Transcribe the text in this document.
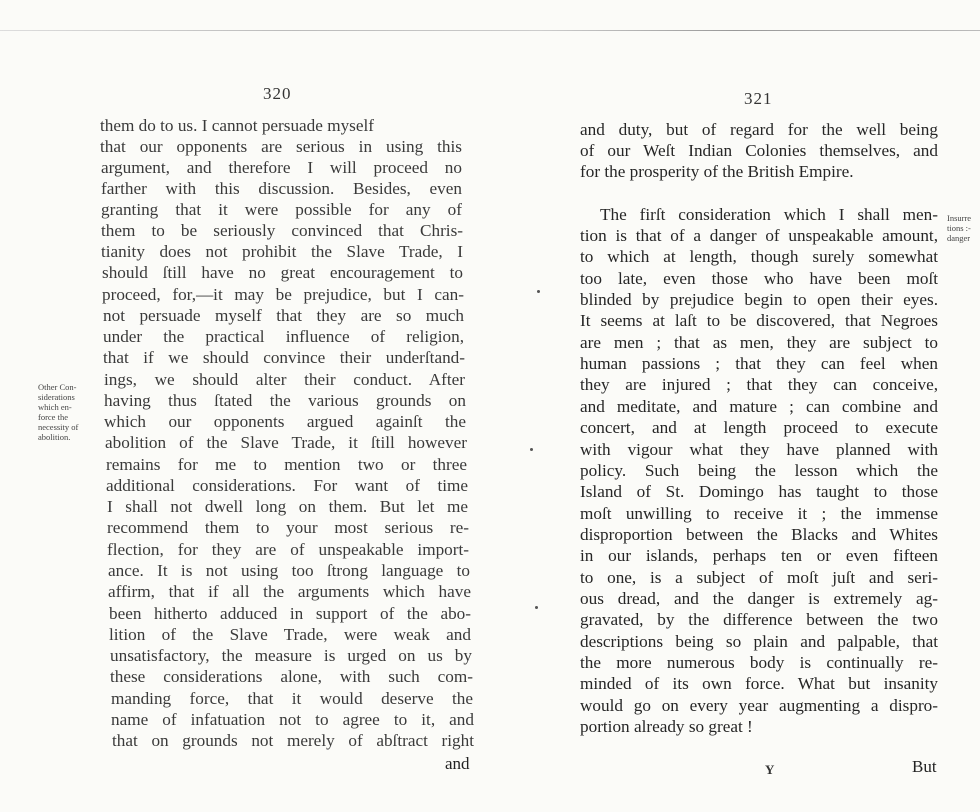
320
them do to us. I cannot persuade myself
that our opponents are serious in using this
argument, and therefore I will proceed no
farther with this discussion. Besides, even
granting that it were possible for any of
them to be seriously convinced that Chris-
tianity does not prohibit the Slave Trade, I
should ſtill have no great encouragement to
proceed, for,—it may be prejudice, but I can-
not persuade myself that they are so much
under the practical influence of religion,
that if we should convince their underſtand-
ings, we should alter their conduct. After
having thus ſtated the various grounds on
which our opponents argued againſt the
abolition of the Slave Trade, it ſtill however
remains for me to mention two or three
additional considerations. For want of time
I shall not dwell long on them. But let me
recommend them to your most serious re-
flection, for they are of unspeakable import-
ance. It is not using too ſtrong language to
affirm, that if all the arguments which have
been hitherto adduced in support of the abo-
lition of the Slave Trade, were weak and
unsatisfactory, the measure is urged on us by
these considerations alone, with such com-
manding force, that it would deserve the
name of infatuation not to agree to it, and
that on grounds not merely of abſtract right
and
Other Con-
siderations
which en-
force the
necessity of
abolition.
321
and duty, but of regard for the well being
of our Weſt Indian Colonies themselves, and
for the prosperity of the British Empire.
The firſt consideration which I shall men-
tion is that of a danger of unspeakable amount,
to which at length, though surely somewhat
too late, even those who have been moſt
blinded by prejudice begin to open their eyes.
It seems at laſt to be discovered, that Negroes
are men ; that as men, they are subject to
human passions ; that they can feel when
they are injured ; that they can conceive,
and meditate, and mature ; can combine and
concert, and at length proceed to execute
with vigour what they have planned with
policy. Such being the lesson which the
Island of St. Domingo has taught to those
moſt unwilling to receive it ; the immense
disproportion between the Blacks and Whites
in our islands, perhaps ten or even fifteen
to one, is a subject of moſt juſt and seri-
ous dread, and the danger is extremely ag-
gravated, by the difference between the two
descriptions being so plain and palpable, that
the more numerous body is continually re-
minded of its own force. What but insanity
would go on every year augmenting a dispro-
portion already so great !
Y	But
Insurre
tions :-
danger
